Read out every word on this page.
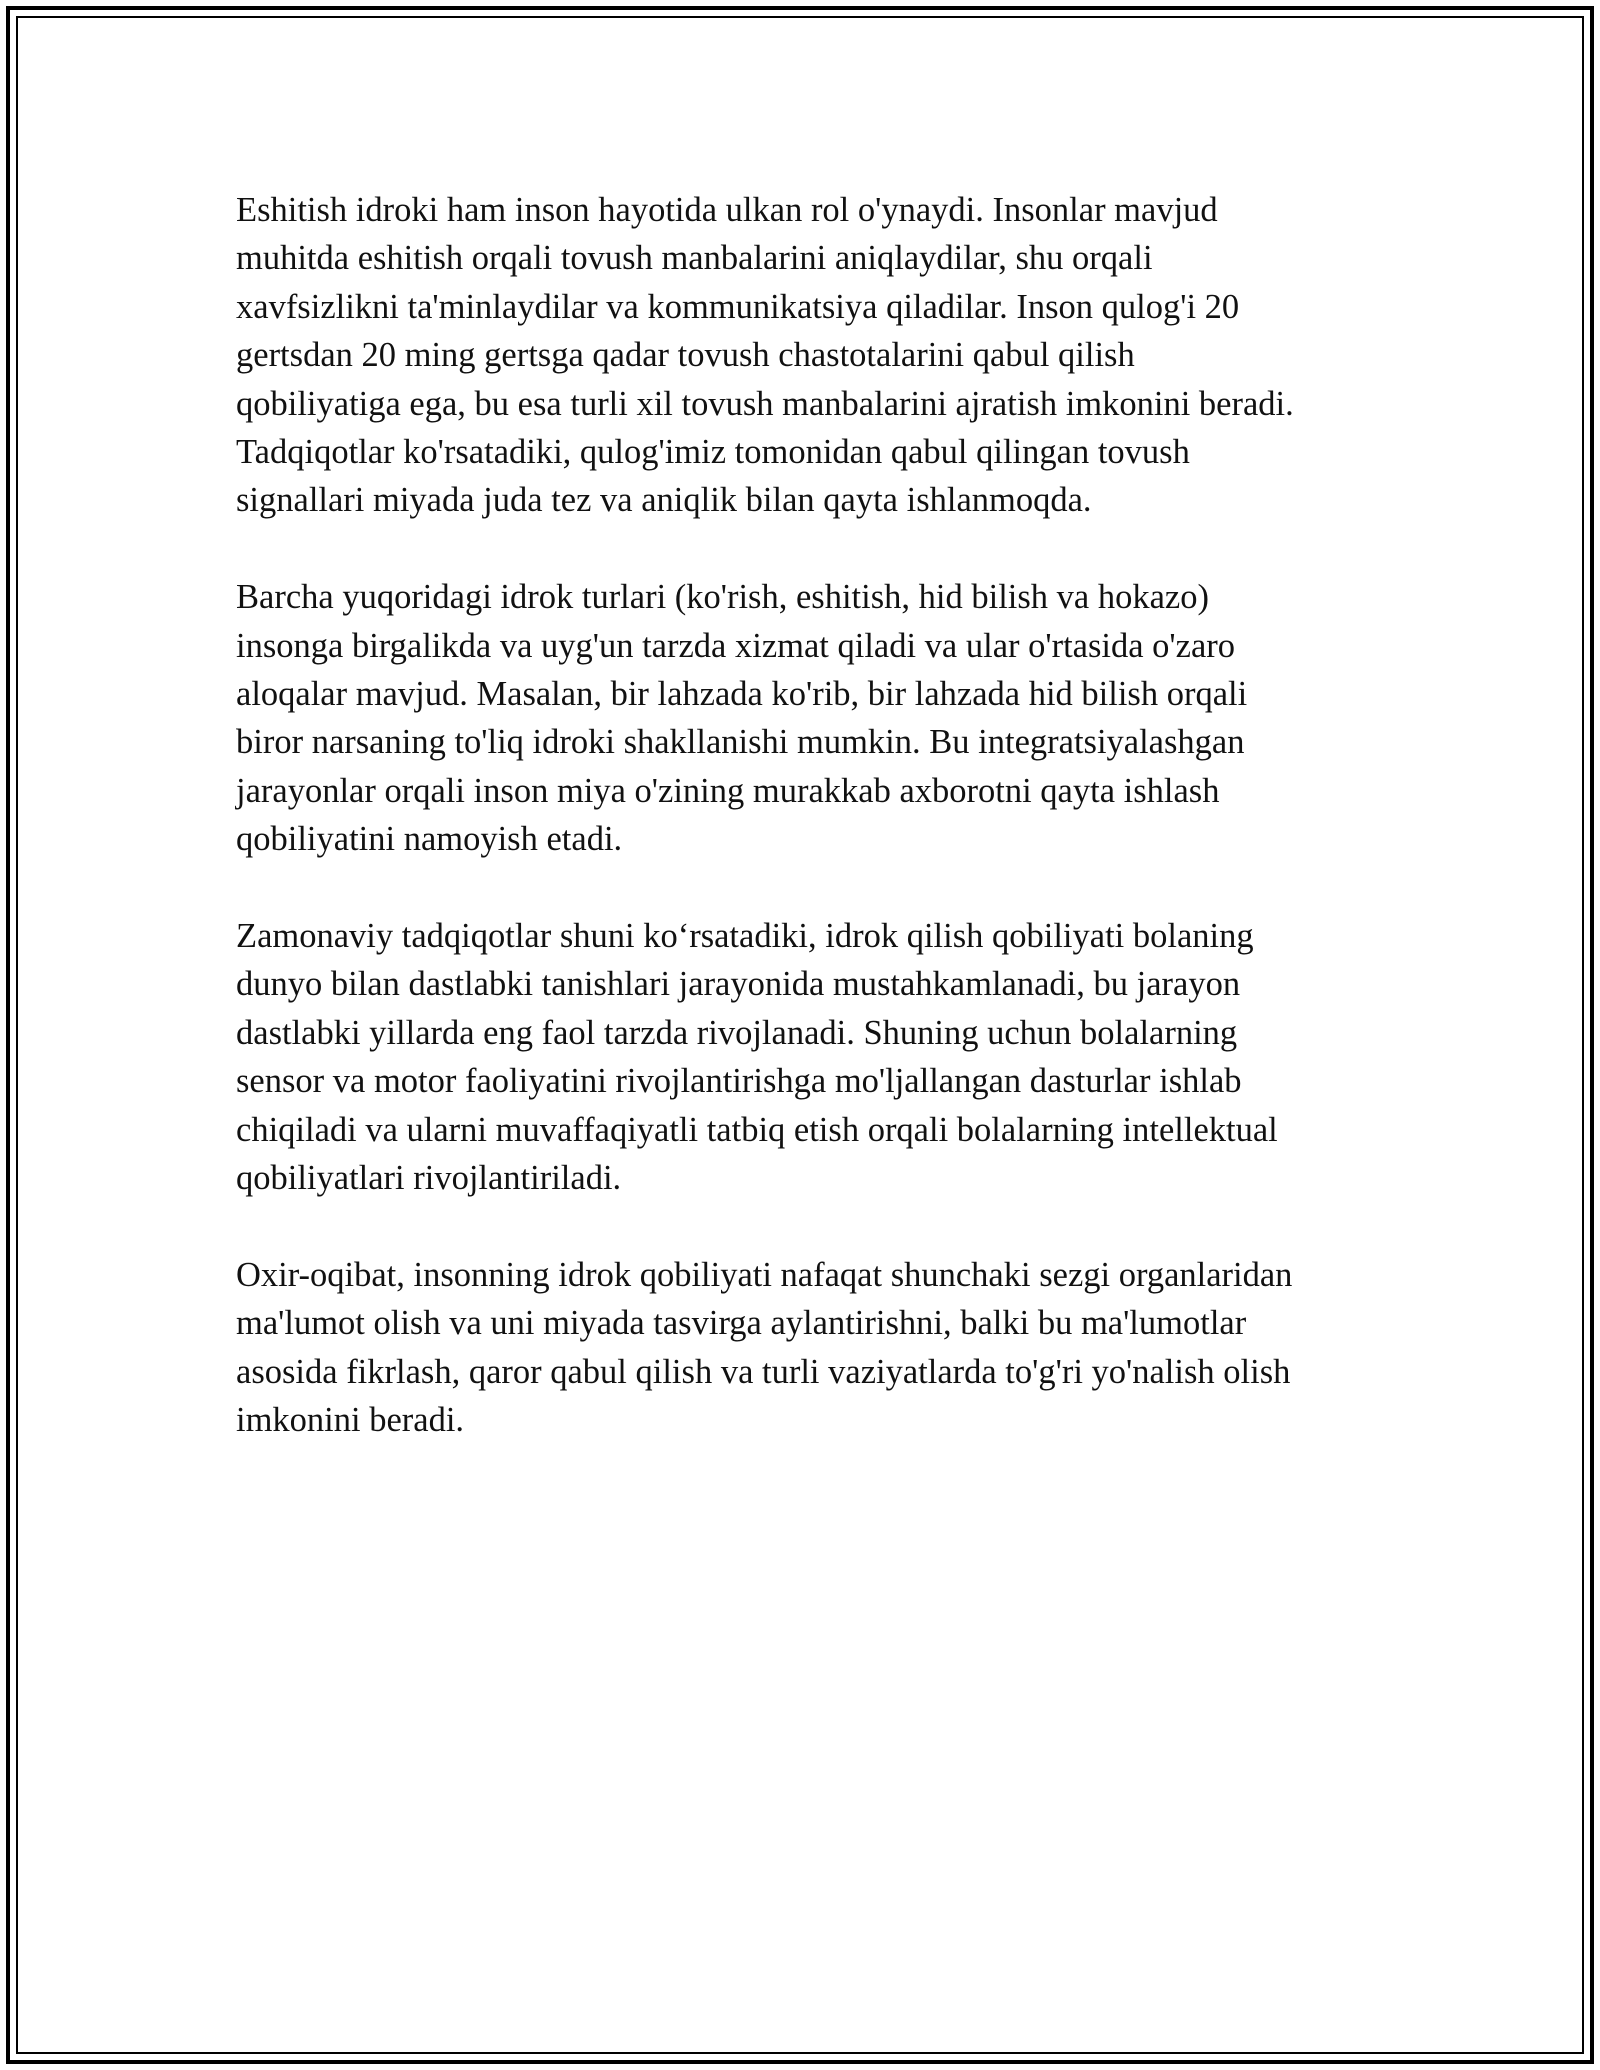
Eshitish idroki ham inson hayotida ulkan rol o'ynaydi. Insonlar mavjud
muhitda eshitish orqali tovush manbalarini aniqlaydilar, shu orqali
xavfsizlikni ta'minlaydilar va kommunikatsiya qiladilar. Inson qulog'i 20
gertsdan 20 ming gertsga qadar tovush chastotalarini qabul qilish
qobiliyatiga ega, bu esa turli xil tovush manbalarini ajratish imkonini beradi.
Tadqiqotlar ko'rsatadiki, qulog'imiz tomonidan qabul qilingan tovush
signallari miyada juda tez va aniqlik bilan qayta ishlanmoqda.

Barcha yuqoridagi idrok turlari (ko'rish, eshitish, hid bilish va hokazo)
insonga birgalikda va uyg'un tarzda xizmat qiladi va ular o'rtasida o'zaro
aloqalar mavjud. Masalan, bir lahzada ko'rib, bir lahzada hid bilish orqali
biror narsaning to'liq idroki shakllanishi mumkin. Bu integratsiyalashgan
jarayonlar orqali inson miya o'zining murakkab axborotni qayta ishlash
qobiliyatini namoyish etadi.

Zamonaviy tadqiqotlar shuni ko‘rsatadiki, idrok qilish qobiliyati bolaning
dunyo bilan dastlabki tanishlari jarayonida mustahkamlanadi, bu jarayon
dastlabki yillarda eng faol tarzda rivojlanadi. Shuning uchun bolalarning
sensor va motor faoliyatini rivojlantirishga mo'ljallangan dasturlar ishlab
chiqiladi va ularni muvaffaqiyatli tatbiq etish orqali bolalarning intellektual
qobiliyatlari rivojlantiriladi.

Oxir-oqibat, insonning idrok qobiliyati nafaqat shunchaki sezgi organlaridan
ma'lumot olish va uni miyada tasvirga aylantirishni, balki bu ma'lumotlar
asosida fikrlash, qaror qabul qilish va turli vaziyatlarda to'g'ri yo'nalish olish
imkonini beradi.
